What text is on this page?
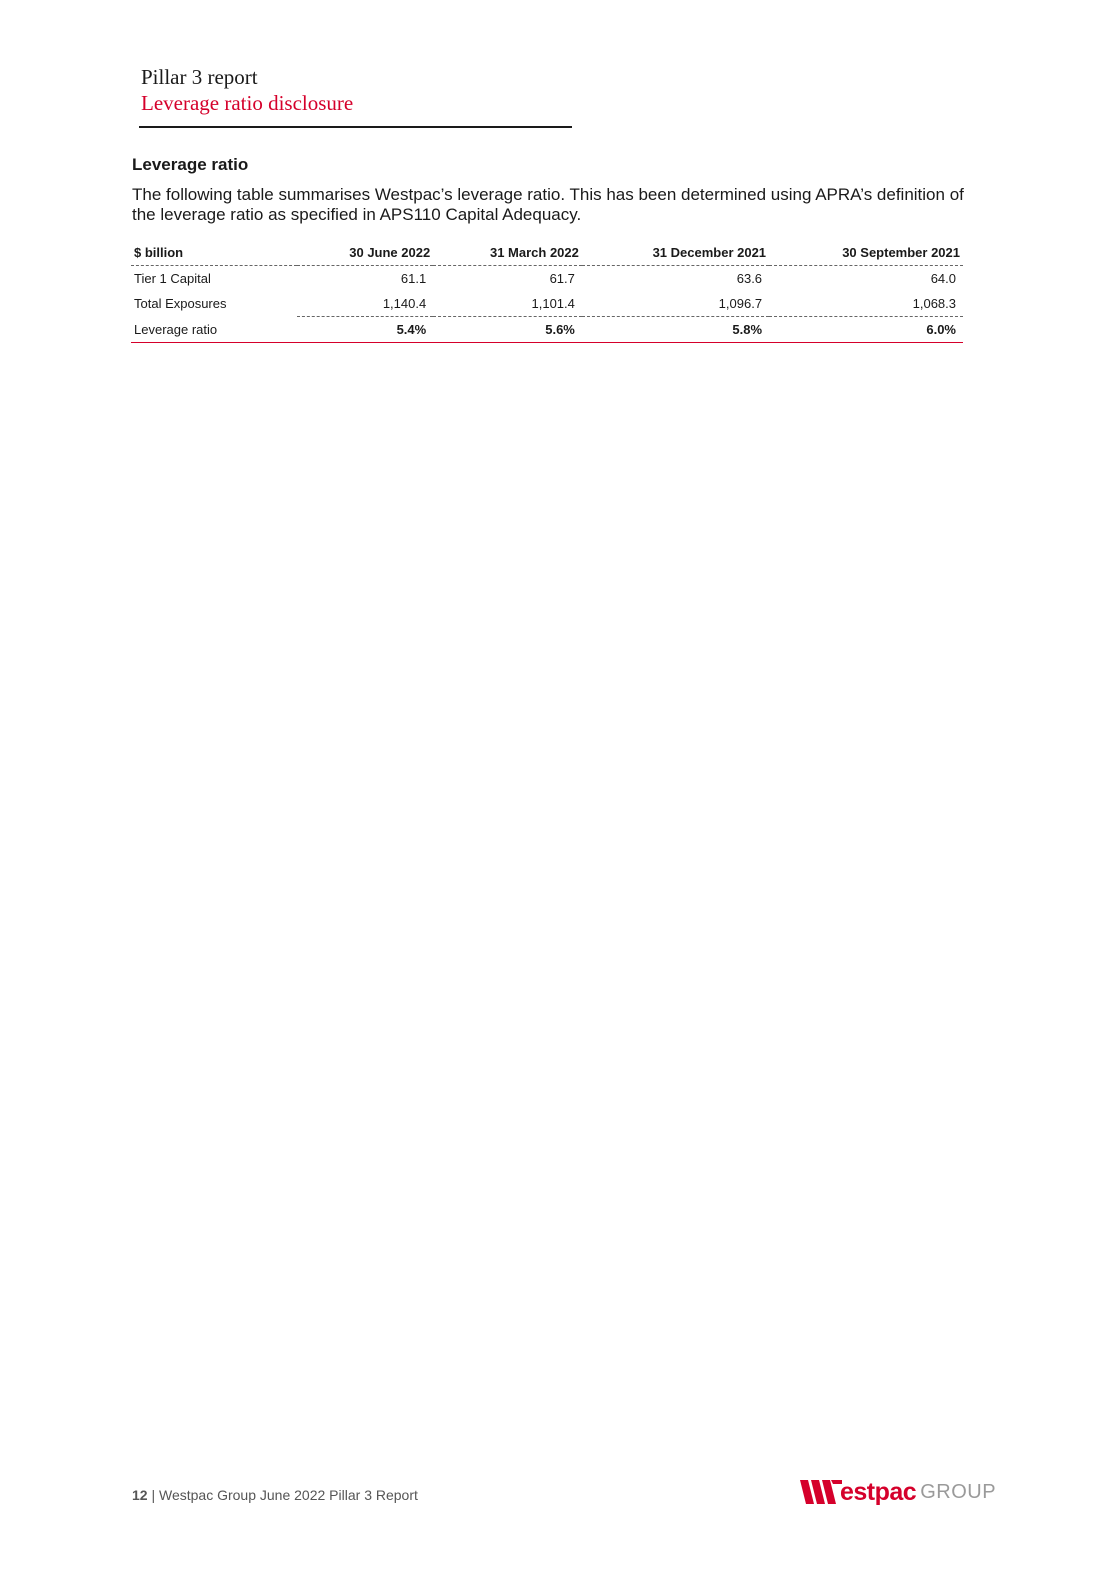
Pillar 3 report
Leverage ratio disclosure
Leverage ratio
The following table summarises Westpac’s leverage ratio. This has been determined using APRA’s definition of the leverage ratio as specified in APS110 Capital Adequacy.
$ billion	30 June 2022	31 March 2022	31 December 2021	30 September 2021
Tier 1 Capital	61.1	61.7	63.6	64.0
Total Exposures	1,140.4	1,101.4	1,096.7	1,068.3
Leverage ratio	5.4%	5.6%	5.8%	6.0%
12 | Westpac Group June 2022 Pillar 3 Report	estpac GROUP
